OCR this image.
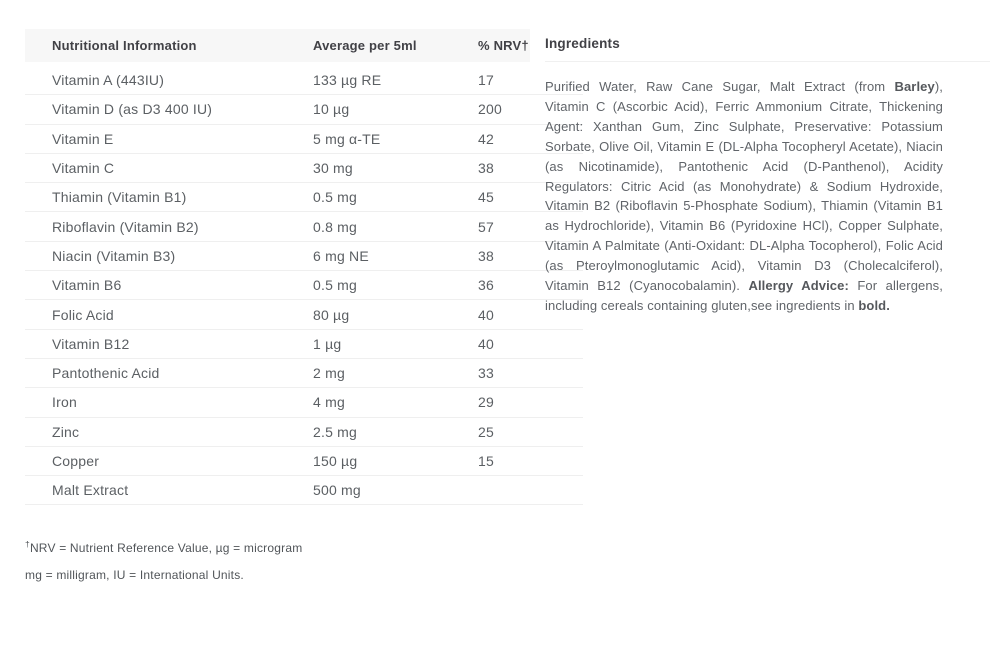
Nutritional Information	Average per 5ml	% NRV†
Vitamin A (443IU)	133 µg RE	17
Vitamin D (as D3 400 IU)	10 µg	200
Vitamin E	5 mg α-TE	42
Vitamin C	30 mg	38
Thiamin (Vitamin B1)	0.5 mg	45
Riboflavin (Vitamin B2)	0.8 mg	57
Niacin (Vitamin B3)	6 mg NE	38
Vitamin B6	0.5 mg	36
Folic Acid	80 µg	40
Vitamin B12	1 µg	40
Pantothenic Acid	2 mg	33
Iron	4 mg	29
Zinc	2.5 mg	25
Copper	150 µg	15
Malt Extract	500 mg
†NRV = Nutrient Reference Value, µg = microgram
mg = milligram, IU = International Units.
Ingredients

Purified Water, Raw Cane Sugar, Malt Extract (from Barley), Vitamin C (Ascorbic Acid), Ferric Ammonium Citrate, Thickening Agent: Xanthan Gum, Zinc Sulphate, Preservative: Potassium Sorbate, Olive Oil, Vitamin E (DL-Alpha Tocopheryl Acetate), Niacin (as Nicotinamide), Pantothenic Acid (D-Panthenol), Acidity Regulators: Citric Acid (as Monohydrate) & Sodium Hydroxide, Vitamin B2 (Riboflavin 5-Phosphate Sodium), Thiamin (Vitamin B1 as Hydrochloride), Vitamin B6 (Pyridoxine HCl), Copper Sulphate, Vitamin A Palmitate (Anti-Oxidant: DL-Alpha Tocopherol), Folic Acid (as Pteroylmonoglutamic Acid), Vitamin D3 (Cholecalciferol), Vitamin B12 (Cyanocobalamin). Allergy Advice: For allergens, including cereals containing gluten,see ingredients in bold.
